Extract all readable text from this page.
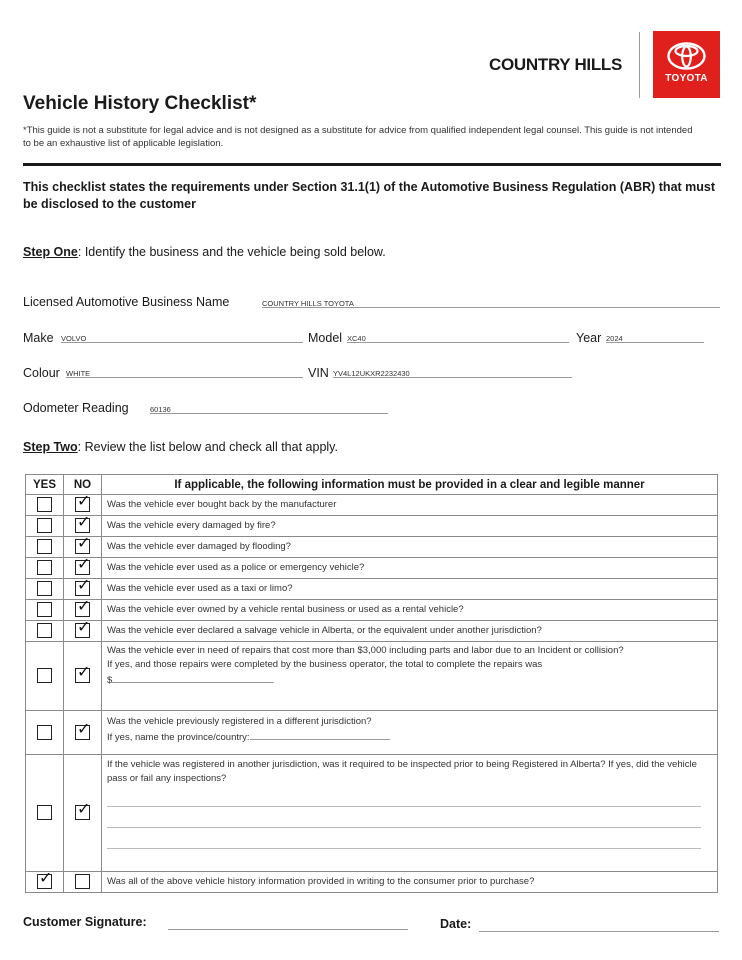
COUNTRY HILLS
TOYOTA
Vehicle History Checklist*
*This guide is not a substitute for legal advice and is not designed as a substitute for advice from qualified independent legal counsel. This guide is not intended to be an exhaustive list of applicable legislation.
This checklist states the requirements under Section 31.1(1) of the Automotive Business Regulation (ABR) that must be disclosed to the customer
Step One: Identify the business and the vehicle being sold below.
Licensed Automotive Business Name	COUNTRY HILLS TOYOTA
Make VOLVO	Model XC40	Year 2024
Colour WHITE	VIN YV4L12UKXR2232430
Odometer Reading	60136
Step Two: Review the list below and check all that apply.
YES	NO	If applicable, the following information must be provided in a clear and legible manner

	✓	Was the vehicle ever bought back by the manufacturer

	✓	Was the vehicle every damaged by fire?

	✓	Was the vehicle ever damaged by flooding?

	✓	Was the vehicle ever used as a police or emergency vehicle?

	✓	Was the vehicle ever used as a taxi or limo?

	✓	Was the vehicle ever owned by a vehicle rental business or used as a rental vehicle?

	✓	Was the vehicle ever declared a salvage vehicle in Alberta, or the equivalent under another jurisdiction?

	✓	Was the vehicle ever in need of repairs that cost more than $3,000 including parts and labor due to an Incident or collision?
If yes, and those repairs were completed by the business operator, the total to complete the repairs was
$

	✓	Was the vehicle previously registered in a different jurisdiction?
If yes, name the province/country:

	✓	If the vehicle was registered in another jurisdiction, was it required to be inspected prior to being Registered in Alberta? If yes, did the vehicle pass or fail any inspections?

✓		Was all of the above vehicle history information provided in writing to the consumer prior to purchase?
Customer Signature:	Date:
